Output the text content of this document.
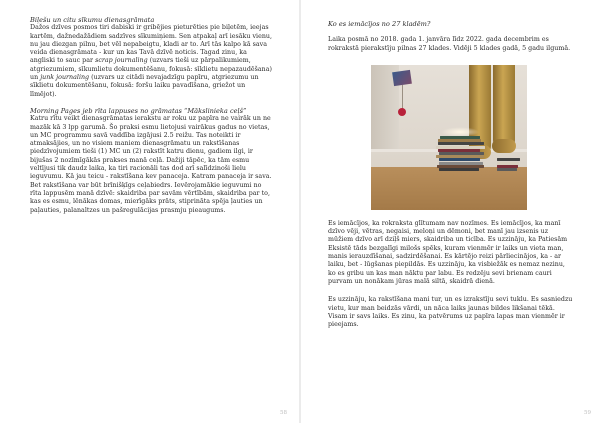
Biļešu un citu sīkumu dienasgrāmata

Dažos dzīves posmos tiri dabiski ir gribējies pieturēties pie biļetēm, ieejas kartēm, dažnedažādiem sadzīves sīkumiņiem. Sen atpakaļ arī iesāku vienu, nu jau diezgan pilnu, bet vēl nepabeigtu, kladi ar to. Arī tās kalpo kā sava veida dienasgrāmata - kur un kas Tavā dzīvē noticis. Tagad zinu, ka angliski to sauc par scrap journaling (uzvars tieši uz pārpalikumiem, atgriezumiem, sīkumlietu dokumentēšanu, fokusā: sīklietu nepazaudēšana) un junk journaling (uzvars uz citādi nevajadzīgu papīru, atgriezumu un sīklietu dokumentēšanu, fokusā: foršu laiku pavadīšana, griežot un līmējot).

Morning Pages jeb rīta lappuses no grāmatas “Mākslinieka ceļš”

Katru rītu veikt dienasgrāmatas ierakstu ar roku uz papīra ne vairāk un ne mazāk kā 3 lpp garumā. Šo praksi esmu lietojusi vairākus gadus no vietas, un MC programmu savā vaddība izgājusi 2.5 reižu. Tas noteikti ir atmaksājies, un no visiem maniem dienasgrāmatu un rakstīšanas piedzīvojumiem tieši (1) MC un (2) rakstīt katru dienu, gadiem ilgi, ir bijušas 2 nozīmīgākās prakses manā ceļā. Dažiji tāpēc, ka tām esmu veltījusi tik daudz laika, ka tiri racionāli tas dod arī salīdzinoši lielu ieguvumu. Kā jau teicu - rakstīšana kev panaceja. Katram panaceja ir sava. Bet rakstīšana var būt brīnišķīgs ceļabiedrs. Ievērojamākie ieguvumi no rīta lappusēm manā dzīvē: skaidriba par savām vērtībām, skaidriba par to, kas es esmu, lēnākas domas, mierīgāks prāts, stiprināta spēja ļauties un paļauties, palanaltzes un pašregulācijas prasmju pieaugums.

58

Ko es iemācījos no 27 kladēm?

Laika posmā no 2018. gada 1. janvāra līdz 2022. gada decembrim es rokrakstā pierakstīju pilnas 27 klades. Vidēji 5 klades gadā, 5 gadu ilgumā.

Es iemācījos, ka rokraksta glītumam nav nozīmes. Es iemācījos, ka manī dzīvo vēji, vētras, negaisi, meloņi un dēmoni, bet manī jau izsenis uz mūžiem dzīvo arī dziļš miers, skaidriba un ticība. Es uzzināju, ka Patiesām Eksistē tāds bezgalīgi milošs spēks, kuram vienmēr ir laiks un vieta man, manis ierauzdīšanai, sadzirdēšanai. Es kārtējo reizi pārliecinājos, ka - ar laiku, bet - lūgšanas piepildās. Es uzzināju, ka visbiežāk es nemaz nezinu, ko es gribu un kas man nāktu par labu. Es redzēju sevi brienam cauri purvam un nonākam jūras malā siltā, skaidrā dienā.

Es uzzināju, ka rakstīšana mani tur, un es izrakstīju sevi tuklu. Es sasniedzu vietu, kur man beidzās vārdi, un nāca laiks jaunas bildes likšanai tēkā. Visam ir savs laiks. Es zinu, ka patvērums uz papīra lapas man vienmēr ir pieejams.

59
